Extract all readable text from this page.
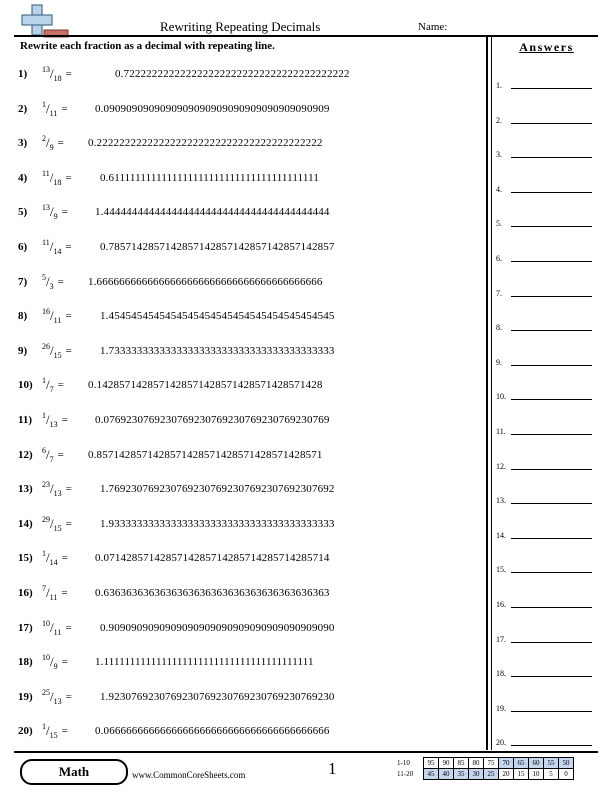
Rewriting Repeating Decimals	Name:
Rewrite each fraction as a decimal with repeating line.
1)	$^{13}/_{18}$ =	0.7222222222222222222222222222222222222222
2)	$^1/_{11} = 0.0909090909090909090909090909090909090909$
3)	$^2/_9 = 0.2222222222222222222222222222222222222222$
4)	$^{11}/_{18}$ =	0.6111111111111111111111111111111111111111
5)	$^{13}/_9 = 1.4444444444444444444444444444444444444444$
6)	$^{11}/_{14}$ =	0.7857142857142857142857142857142857142857
7)	$^5/_3 = 1.6666666666666666666666666666666666666666$
8)	$^{16}/_{11}$ =	1.4545454545454545454545454545454545454545
9)	$^{26}/_{15}$ =	1.7333333333333333333333333333333333333333
10)	$^1/_7 = 0.1428571428571428571428571428571428571428$
11)	$^1/_{13} = 0.0769230769230769230769230769230769230769$
12)	$^6/_7 = 0.8571428571428571428571428571428571428571$
13)	$^{23}/_{13}$ =	1.7692307692307692307692307692307692307692
14)	$^{29}/_{15}$ =	1.9333333333333333333333333333333333333333
15)	$^1/_{14} = 0.0714285714285714285714285714285714285714$
16)	$^7/_{11} = 0.6363636363636363636363636363636363636363$
17)	$^{10}/_{11}$ =	0.9090909090909090909090909090909090909090
18)	$^{10}/_9 = 1.1111111111111111111111111111111111111111$
19)	$^{25}/_{13}$ =	1.9230769230769230769230769230769230769230
20)	$^1/_{15} = 0.0666666666666666666666666666666666666666$
Answers
1.
2.
3.
4.
5.
6.
7.
8.
9.
10.
11.
12.
13.
14.
15.
16.
17.
18.
19.
20.
Math	www.CommonCoreSheets.com	1	1-10	95	90	85	80	75	70	65	60	55	50
11-20	45	40	35	30	25	20	15	10	5	0
